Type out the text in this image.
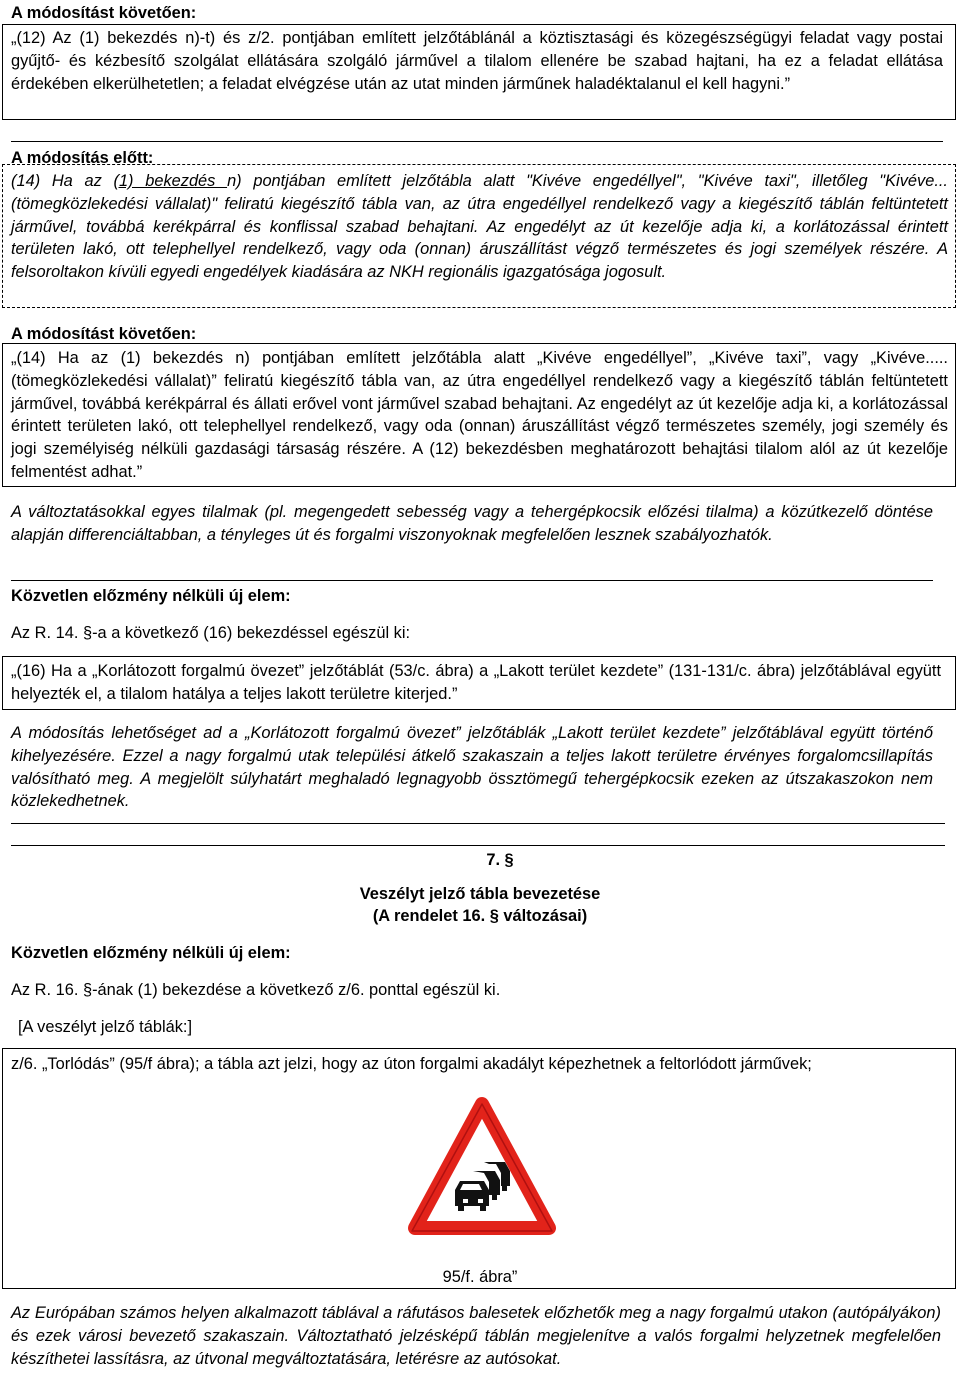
A módosítást követően:
„(12) Az (1) bekezdés n)-t) és z/2. pontjában említett jelzőtáblánál a köztisztasági és közegészségügyi feladat vagy postai gyűjtő- és kézbesítő szolgálat ellátására szolgáló járművel a tilalom ellenére be szabad hajtani, ha ez a feladat ellátása érdekében elkerülhetetlen; a feladat elvégzése után az utat minden járműnek haladéktalanul el kell hagyni.”
A módosítás előtt:
(14) Ha az (1) bekezdés n) pontjában említett jelzőtábla alatt "Kivéve engedéllyel", "Kivéve taxi", illetőleg "Kivéve... (tömegközlekedési vállalat)" feliratú kiegészítő tábla van, az útra engedéllyel rendelkező vagy a kiegészítő táblán feltüntetett járművel, továbbá kerékpárral és konflissal szabad behajtani. Az engedélyt az út kezelője adja ki, a korlátozással érintett területen lakó, ott telephellyel rendelkező, vagy oda (onnan) áruszállítást végző természetes és jogi személyek részére. A felsoroltakon kívüli egyedi engedélyek kiadására az NKH regionális igazgatósága jogosult.
A módosítást követően:
„(14) Ha az (1) bekezdés n) pontjában említett jelzőtábla alatt „Kivéve engedéllyel”, „Kivéve taxi”, vagy „Kivéve.....(tömegközlekedési vállalat)” feliratú kiegészítő tábla van, az útra engedéllyel rendelkező vagy a kiegészítő táblán feltüntetett járművel, továbbá kerékpárral és állati erővel vont járművel szabad behajtani. Az engedélyt az út kezelője adja ki, a korlátozással érintett területen lakó, ott telephellyel rendelkező, vagy oda (onnan) áruszállítást végző természetes személy, jogi személy és jogi személyiség nélküli gazdasági társaság részére. A (12) bekezdésben meghatározott behajtási tilalom alól az út kezelője felmentést adhat.”
A változtatásokkal egyes tilalmak (pl. megengedett sebesség vagy a tehergépkocsik előzési tilalma) a közútkezelő döntése alapján differenciáltabban, a tényleges út és forgalmi viszonyoknak megfelelően lesznek szabályozhatók.
Közvetlen előzmény nélküli új elem:
Az R. 14. §-a a következő (16) bekezdéssel egészül ki:
„(16) Ha a „Korlátozott forgalmú övezet” jelzőtáblát (53/c. ábra) a „Lakott terület kezdete” (131-131/c. ábra) jelzőtáblával együtt helyezték el, a tilalom hatálya a teljes lakott területre kiterjed.”
A módosítás lehetőséget ad a „Korlátozott forgalmú övezet” jelzőtáblák „Lakott terület kezdete” jelzőtáblával együtt történő kihelyezésére. Ezzel a nagy forgalmú utak települési átkelő szakaszain a teljes lakott területre érvényes forgalomcsillapítás valósítható meg. A megjelölt súlyhatárt meghaladó legnagyobb össztömegű tehergépkocsik ezeken az útszakaszokon nem közlekedhetnek.
7. §
Veszélyt jelző tábla bevezetése
(A rendelet 16. § változásai)
Közvetlen előzmény nélküli új elem:
Az R. 16. §-ának (1) bekezdése a következő z/6. ponttal egészül ki.
[A veszélyt jelző táblák:]
z/6. „Torlódás” (95/f ábra); a tábla azt jelzi, hogy az úton forgalmi akadályt képezhetnek a feltorlódott járművek;
95/f. ábra”
Az Európában számos helyen alkalmazott táblával a ráfutásos balesetek előzhetők meg a nagy forgalmú utakon (autópályákon) és ezek városi bevezető szakaszain. Változtatható jelzésképű táblán megjelenítve a valós forgalmi helyzetnek megfelelően készíthetei lassításra, az útvonal megváltoztatására, letérésre az autósokat.
